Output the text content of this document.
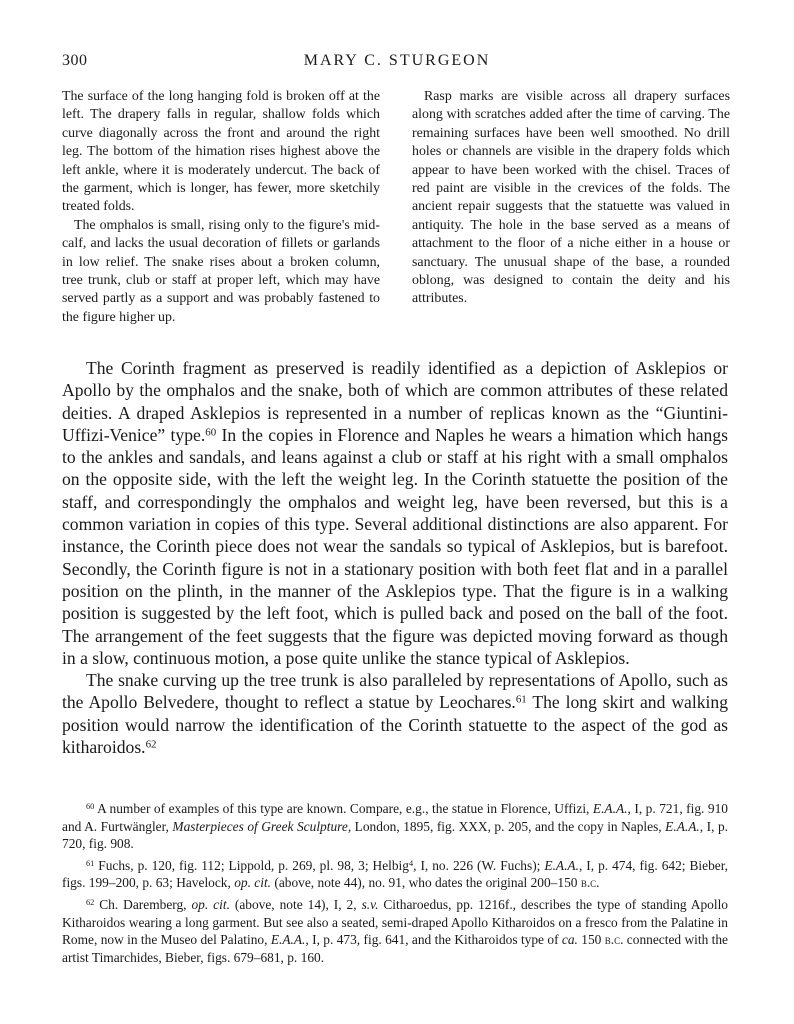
300	MARY C. STURGEON

The surface of the long hanging fold is broken off at the left. The drapery falls in regular, shallow folds which curve diagonally across the front and around the right leg. The bottom of the himation rises highest above the left ankle, where it is moderately undercut. The back of the garment, which is longer, has fewer, more sketchily treated folds.

The omphalos is small, rising only to the figure's mid-calf, and lacks the usual decoration of fillets or garlands in low relief. The snake rises about a broken column, tree trunk, club or staff at proper left, which may have served partly as a support and was probably fastened to the figure higher up.

Rasp marks are visible across all drapery surfaces along with scratches added after the time of carving. The remaining surfaces have been well smoothed. No drill holes or channels are visible in the drapery folds which appear to have been worked with the chisel. Traces of red paint are visible in the crevices of the folds. The ancient repair suggests that the statuette was valued in antiquity. The hole in the base served as a means of attachment to the floor of a niche either in a house or sanctuary. The unusual shape of the base, a rounded oblong, was designed to contain the deity and his attributes.

The Corinth fragment as preserved is readily identified as a depiction of Asklepios or Apollo by the omphalos and the snake, both of which are common attributes of these related deities. A draped Asklepios is represented in a number of replicas known as the “Giuntini-Uffizi-Venice” type.$^{60}$ In the copies in Florence and Naples he wears a himation which hangs to the ankles and sandals, and leans against a club or staff at his right with a small omphalos on the opposite side, with the left the weight leg. In the Corinth statuette the position of the staff, and correspondingly the omphalos and weight leg, have been reversed, but this is a common variation in copies of this type. Several additional distinctions are also apparent. For instance, the Corinth piece does not wear the sandals so typical of Asklepios, but is barefoot. Secondly, the Corinth figure is not in a stationary position with both feet flat and in a parallel position on the plinth, in the manner of the Asklepios type. That the figure is in a walking position is suggested by the left foot, which is pulled back and posed on the ball of the foot. The arrangement of the feet suggests that the figure was depicted moving forward as though in a slow, continuous motion, a pose quite unlike the stance typical of Asklepios.

The snake curving up the tree trunk is also paralleled by representations of Apollo, such as the Apollo Belvedere, thought to reflect a statue by Leochares.$^{61}$ The long skirt and walking position would narrow the identification of the Corinth statuette to the aspect of the god as kitharoidos.$^{62}$

$^{60}$ A number of examples of this type are known. Compare, e.g., the statue in Florence, Uffizi, E.A.A., I, p. 721, fig. 910 and A. Furtwängler, Masterpieces of Greek Sculpture, London, 1895, fig. XXX, p. 205, and the copy in Naples, E.A.A., I, p. 720, fig. 908.

$^{61}$ Fuchs, p. 120, fig. 112; Lippold, p. 269, pl. 98, 3; Helbig$^4$, I, no. 226 (W. Fuchs); E.A.A., I, p. 474, fig. 642; Bieber, figs. 199–200, p. 63; Havelock, op. cit. (above, note 44), no. 91, who dates the original 200–150 b.c.

$^{62}$ Ch. Daremberg, op. cit. (above, note 14), I, 2, s.v. Citharoedus, pp. 1216f., describes the type of standing Apollo Kitharoidos wearing a long garment. But see also a seated, semi-draped Apollo Kitharoidos on a fresco from the Palatine in Rome, now in the Museo del Palatino, E.A.A., I, p. 473, fig. 641, and the Kitharoidos type of ca. 150 b.c. connected with the artist Timarchides, Bieber, figs. 679–681, p. 160.
